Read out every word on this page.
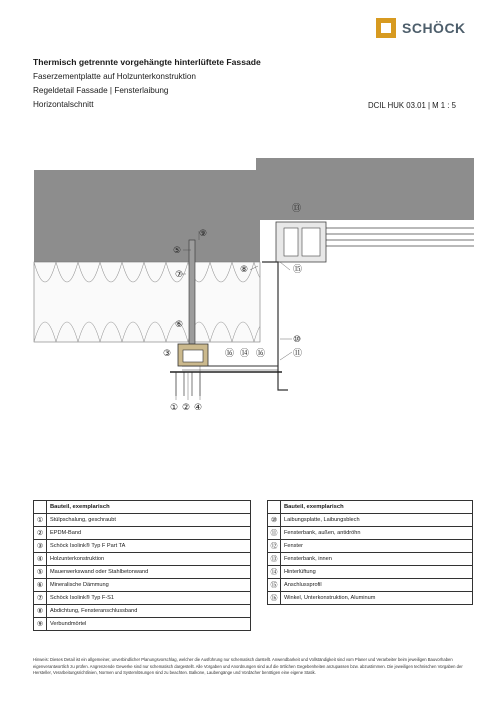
SCHÖCK
Thermisch getrennte vorgehängte hinterlüftete Fassade
Faserzementplatte auf Holzunterkonstruktion
Regeldetail Fassade | Fensterlaibung
Horizontalschnitt	DCIL HUK 03.01 | M 1 : 5
⑬
⑨
⑤
⑦	⑧	⑮
⑥
⑩
③	⑯ ⑭ ⑯	⑪
① ② ④
	Bauteil, exemplarisch
①	Stülpschalung, geschraubt
②	EPDM-Band
③	Schöck Isolink® Typ F Part TA
④	Holzunterkonstruktion
⑤	Mauerwerkswand oder Stahlbetonwand
⑥	Mineralische Dämmung
⑦	Schöck Isolink® Typ F-S1
⑧	Abdichtung, Fensteranschlussband
⑨	Verbundmörtel
	Bauteil, exemplarisch
⑩	Laibungsplatte, Laibungsblech
⑪	Fensterbank, außen, antidröhn
⑫	Fenster
⑬	Fensterbank, innen
⑭	Hinterlüftung
⑮	Anschlussprofil
⑯	Winkel, Unterkonstruktion, Aluminum
Hinweis: Dieses Detail ist ein allgemeiner, unverbindlicher Planungsvorschlag, welcher die Ausführung nur schematisch darstellt. Anwendbarkeit und Vollständigkeit sind vom Planer und Verarbeiter beim jeweiligen Bauvorhaben eigenverantwortlich zu prüfen. Angrenzende Gewerke sind nur schematisch dargestellt. Alle Vorgaben und Anordnungen sind auf die örtlichen Gegebenheiten anzupassen bzw. abzustimmen. Die jeweiligen technischen Vorgaben der Hersteller, Verarbeitungsrichtlinien, Normen und Systemlösungen sind zu beachten. Balkone, Laubengänge und Vordächer benötigen eine eigene Statik.
